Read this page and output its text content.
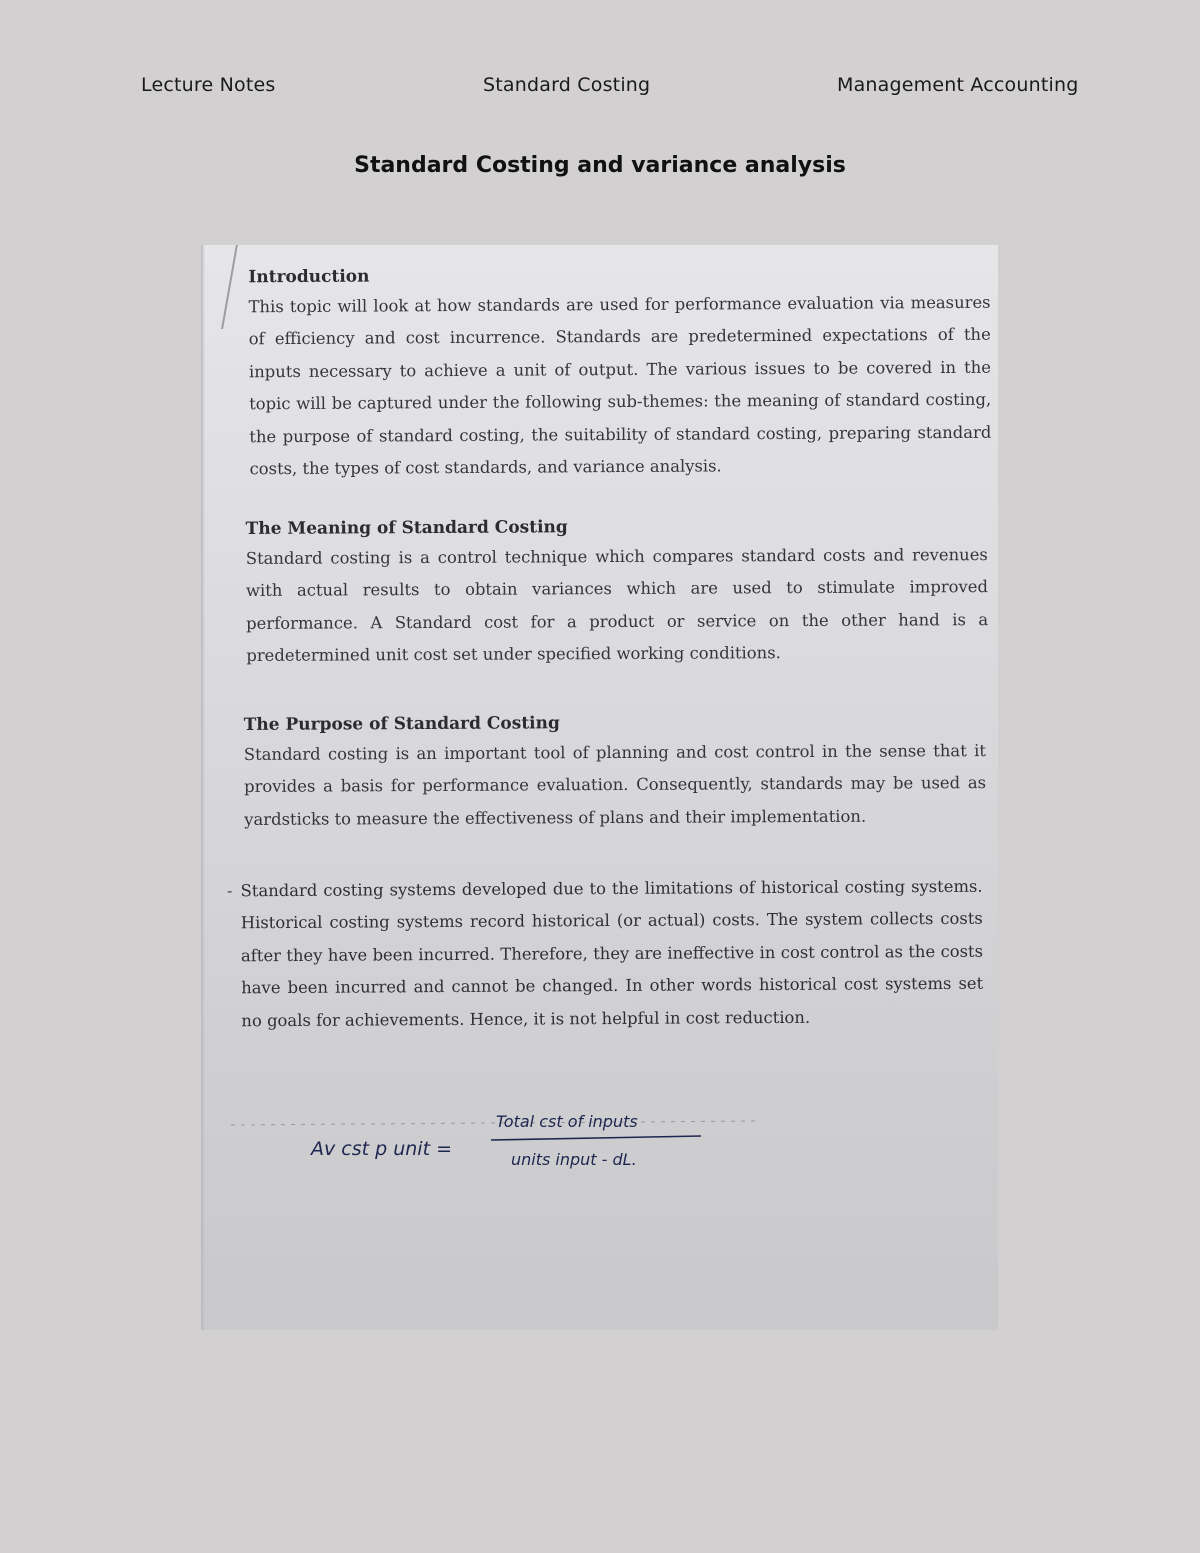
Lecture Notes	Standard Costing	Management Accounting
Standard Costing and variance analysis
Introduction

This topic will look at how standards are used for performance evaluation via measures of efficiency and cost incurrence. Standards are predetermined expectations of the inputs necessary to achieve a unit of output. The various issues to be covered in the topic will be captured under the following sub-themes: the meaning of standard costing, the purpose of standard costing, the suitability of standard costing, preparing standard costs, the types of cost standards, and variance analysis.

The Meaning of Standard Costing

Standard costing is a control technique which compares standard costs and revenues with actual results to obtain variances which are used to stimulate improved performance. A Standard cost for a product or service on the other hand is a predetermined unit cost set under specified working conditions.

The Purpose of Standard Costing

Standard costing is an important tool of planning and cost control in the sense that it provides a basis for performance evaluation. Consequently, standards may be used as yardsticks to measure the effectiveness of plans and their implementation.

- Standard costing systems developed due to the limitations of historical costing systems. Historical costing systems record historical (or actual) costs. The system collects costs after they have been incurred. Therefore, they are ineffective in cost control as the costs have been incurred and cannot be changed. In other words historical cost systems set no goals for achievements. Hence, it is not helpful in cost reduction.

Av cst p unit =
Total cst of inputs
units input - dL.
